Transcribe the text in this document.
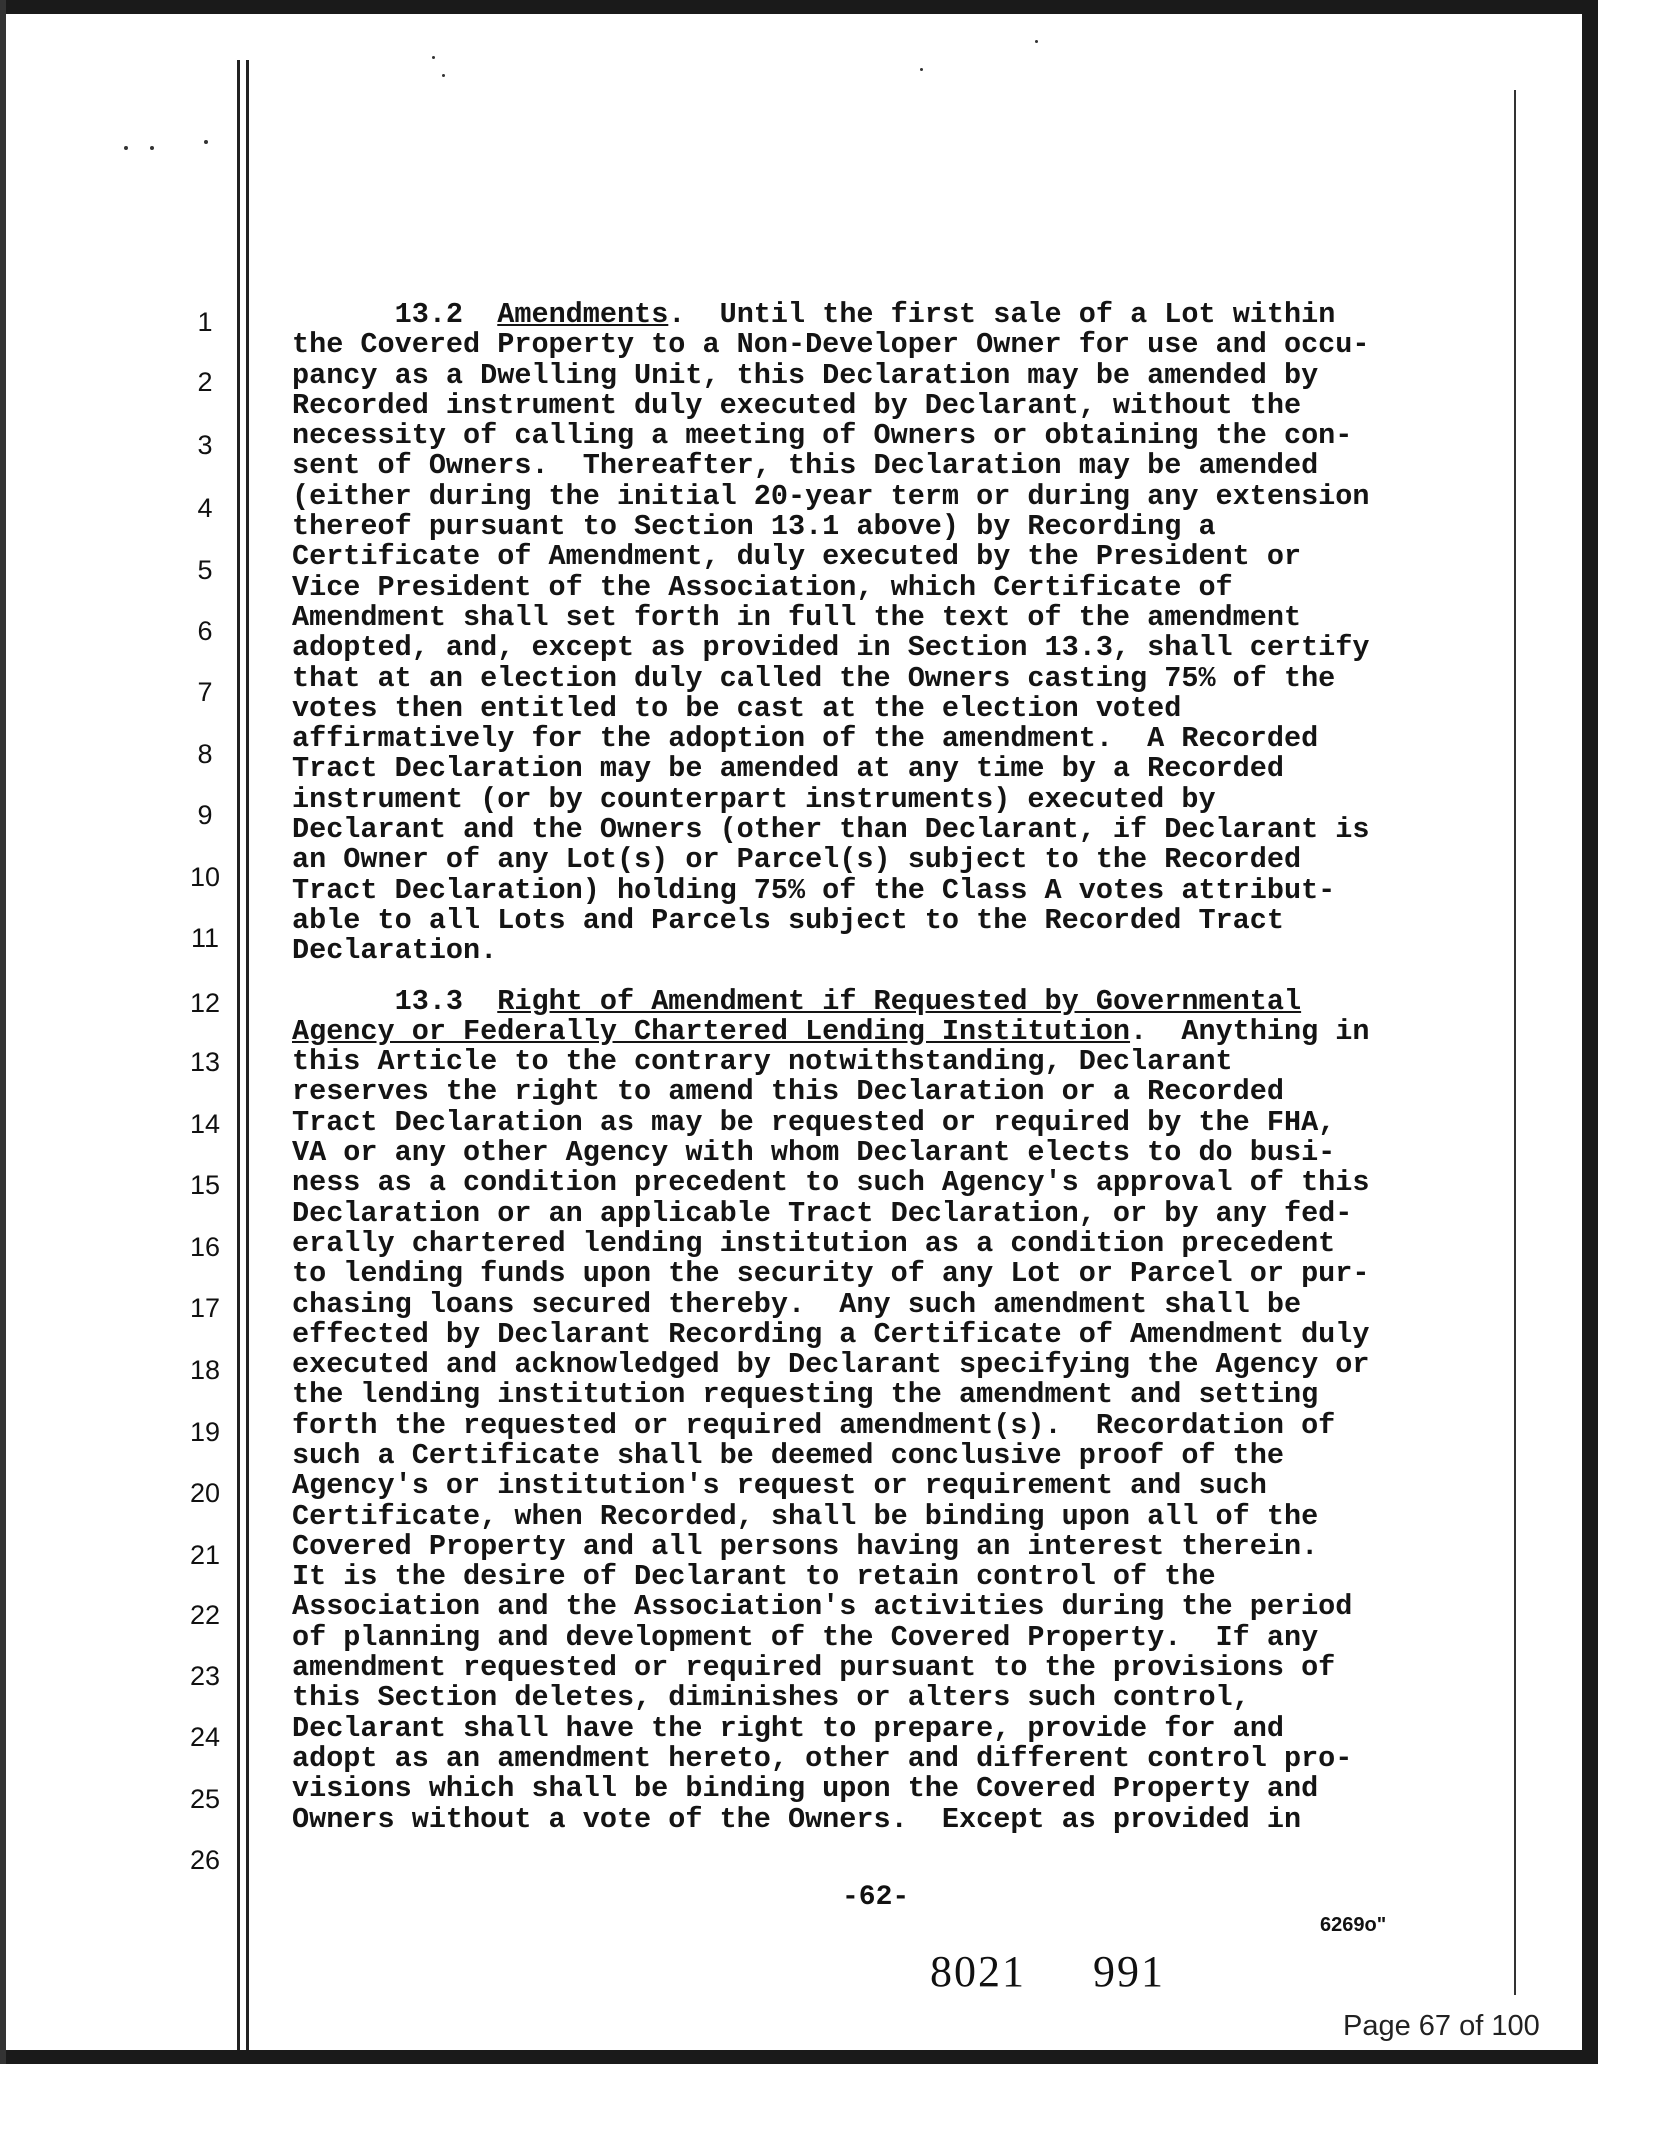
1
2
3
4
5
6
7
8
9
10
11
12
13
14
15
16
17
18
19
20
21
22
23
24
25
26
13.2 Amendments.  Until the first sale of a Lot within
the Covered Property to a Non-Developer Owner for use and occu-
pancy as a Dwelling Unit, this Declaration may be amended by
Recorded instrument duly executed by Declarant, without the
necessity of calling a meeting of Owners or obtaining the con-
sent of Owners.  Thereafter, this Declaration may be amended
(either during the initial 20-year term or during any extension
thereof pursuant to Section 13.1 above) by Recording a
Certificate of Amendment, duly executed by the President or
Vice President of the Association, which Certificate of
Amendment shall set forth in full the text of the amendment
adopted, and, except as provided in Section 13.3, shall certify
that at an election duly called the Owners casting 75% of the
votes then entitled to be cast at the election voted
affirmatively for the adoption of the amendment.  A Recorded
Tract Declaration may be amended at any time by a Recorded
instrument (or by counterpart instruments) executed by
Declarant and the Owners (other than Declarant, if Declarant is
an Owner of any Lot(s) or Parcel(s) subject to the Recorded
Tract Declaration) holding 75% of the Class A votes attribut-
able to all Lots and Parcels subject to the Recorded Tract
Declaration.
13.3 Right of Amendment if Requested by Governmental
Agency or Federally Chartered Lending Institution.  Anything in
this Article to the contrary notwithstanding, Declarant
reserves the right to amend this Declaration or a Recorded
Tract Declaration as may be requested or required by the FHA,
VA or any other Agency with whom Declarant elects to do busi-
ness as a condition precedent to such Agency's approval of this
Declaration or an applicable Tract Declaration, or by any fed-
erally chartered lending institution as a condition precedent
to lending funds upon the security of any Lot or Parcel or pur-
chasing loans secured thereby.  Any such amendment shall be
effected by Declarant Recording a Certificate of Amendment duly
executed and acknowledged by Declarant specifying the Agency or
the lending institution requesting the amendment and setting
forth the requested or required amendment(s).  Recordation of
such a Certificate shall be deemed conclusive proof of the
Agency's or institution's request or requirement and such
Certificate, when Recorded, shall be binding upon all of the
Covered Property and all persons having an interest therein.
It is the desire of Declarant to retain control of the
Association and the Association's activities during the period
of planning and development of the Covered Property.  If any
amendment requested or required pursuant to the provisions of
this Section deletes, diminishes or alters such control,
Declarant shall have the right to prepare, provide for and
adopt as an amendment hereto, other and different control pro-
visions which shall be binding upon the Covered Property and
Owners without a vote of the Owners.  Except as provided in
-62-
6269o"
8021 991
Page 67 of 100
